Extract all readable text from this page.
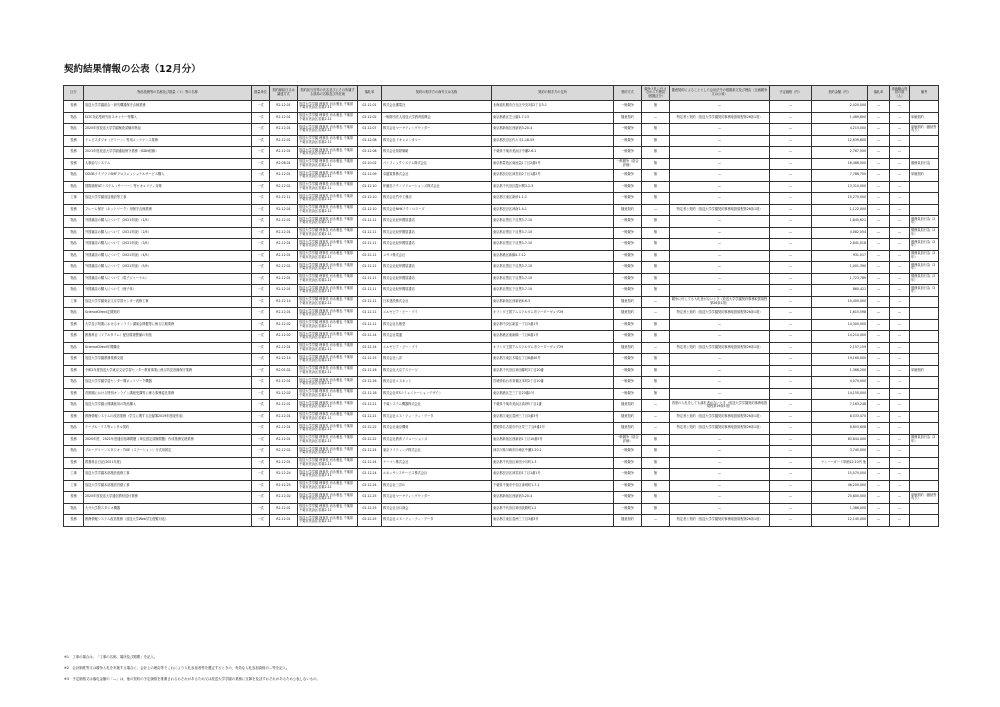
契約結果情報の公表（12月分）
区分	物品役務等の名称及び数量（１）等の名称	数量単位	契約締結日又は調達方式	契約担当官等の氏名並びにその所属する部局の名称及び所在地	落札率	契約の相手方の商号又は名称	契約の相手方の住所	契約方式	競争入札に付さなかった理由（根拠区分）	随意契約によることとした会計法令の根拠条文及び理由（企画競争又は公募）	予定価格（円）	契約金額（円）	落札率	再就職の役員の数（人）	備考
役務	放送大学学園総合・研究機器保守点検業務	一式	R2.12.01	放送大学学園 理事長 岩永雅也 千葉県千葉市美浜区若葉2-11	02.12.01	株式会社廣電社	北海道札幌市白石区中央3条2丁目3-1	一般競争	無	—	—	2,420,000	—	—	
物品	ELTC対応型研究用スキャナー等購入	一式	R2.12.01	放送大学学園 理事長 岩永雅也 千葉県千葉市美浜区若葉2-11	02.12.02	一般財団法人放送大学教育振興会	東京都港区芝公園1-7-13	随意契約	—	特定者と契約（放送大学学園契約事務取扱規程第26条1項）	—	1,489,800	—	—	単価契約
物品	2020年度放送大学学園検査試験用物品	一式	R2.12.01	放送大学学園 理事長 岩永雅也 千葉県千葉市美浜区若葉2-11	02.12.07	株式会社マーケティングセンター	東京都新宿区西新宿3-20-4	一般競争	無	—	—	4,215,000	—	—	単価契約（継続等有り）
役務	テレビスタジオ（グリーン）等用メンテナンス業務	一式	R2.12.01	放送大学学園 理事長 岩永雅也 千葉県千葉市美浜区若葉2-11	02.12.08	株式会社ドキュメンタリー	東京都渋谷区代々木1-18-53	一般競争	無	—	—	12,639,600	—	—	
役務	2021年度放送大学学園番組保守業務（ISDN回線）	一式	R2.12.01	放送大学学園 理事長 岩永雅也 千葉県千葉市美浜区若葉2-11	02.12.08	株式会社知財戦略	千葉県千葉市美浜区中瀬2-6-1	一般競争	無	—	—	2,767,500	—	—	
役務	人事給与システム	一式	R2.08.01	放送大学学園 理事長 岩永雅也 千葉県千葉市美浜区若葉2-11	02.10.02	パシフィックシステム株式会社	東京都豊島区南池袋1丁目2番5号	一般競争（総合評価）	無	—	—	16,486,000	—	—	債務負担行為
物品	ODGBライブラリSMFプロフェッショナルサービス購入	一式	R2.12.01	放送大学学園 理事長 岩永雅也 千葉県千葉市美浜区若葉2-11	02.12.09	卓越電算株式会社	東京都渋谷区神宮前2丁目1番2号	一般競争	無	—	—	7,788,750	—	—	単価契約
物品	国際経理ILTシステム（サーバー）等セキュリティ対策	一式	R2.12.01	放送大学学園 理事長 岩永雅也 千葉県千葉市美浜区若葉2-11	02.12.10	伊藤忠テクノソリューションズ株式会社	東京都千代田区霞が関3-2-5	一般競争	無	—	—	13,310,000	—	—	
工事	放送大学学園放送施設等工事	一式	R2.12.11	放送大学学園 理事長 岩永雅也 千葉県千葉市美浜区若葉2-11	02.12.10	株式会社竹中工務店	東京都江東区新砂1-1-1	一般競争	無	—	—	15,275,000	—	—	
役務	フレーム保守（ネットワーク）用保守点検業務	一式	R2.12.01	放送大学学園 理事長 岩永雅也 千葉県千葉市美浜区若葉2-11	02.12.10	株式会社NHKテクノロジーズ	東京都渋谷区神南1-4-1	随意契約	—	特定者と契約（放送大学学園契約事務取扱規程第26条1項）	—	1,122,000	—	—	
物品	外国雑誌の購入について（2021年版）（1/5）	一式	R2.12.01	放送大学学園 理事長 岩永雅也 千葉県千葉市美浜区若葉2-11	02.12.11	株式会社紀伊國屋書店	東京都目黒区下目黒3-7-10	一般競争	無	—	—	1,845,621	—	—	債務負担行為（2年）
物品	外国雑誌の購入について（2021年版）（2/5）	一式	R2.12.01	放送大学学園 理事長 岩永雅也 千葉県千葉市美浜区若葉2-11	02.12.11	株式会社紀伊國屋書店	東京都目黒区下目黒3-7-10	一般競争	無	—	—	4,082,054	—	—	債務負担行為（2年）
物品	外国雑誌の購入について（2021年版）（3/5）	一式	R2.12.01	放送大学学園 理事長 岩永雅也 千葉県千葉市美浜区若葉2-11	02.12.11	株式会社紀伊國屋書店	東京都目黒区下目黒3-7-10	一般競争	無	—	—	2,841,018	—	—	債務負担行為（2年）
物品	外国雑誌の購入について（2021年版）（4/5）	一式	R2.12.01	放送大学学園 理事長 岩永雅也 千葉県千葉市美浜区若葉2-11	02.12.11	ユサコ株式会社	東京都港区新橋4-7-12	一般競争	無	—	—	931,017	—	—	債務負担行為（2年）
物品	外国雑誌の購入について（2021年版）（5/5）	一式	R2.12.01	放送大学学園 理事長 岩永雅也 千葉県千葉市美浜区若葉2-11	02.12.11	株式会社紀伊國屋書店	東京都目黒区下目黒3-7-10	一般競争	無	—	—	1,001,390	—	—	債務負担行為（2年）
物品	外国雑誌の購入について（電子ジャーナル）	一式	R2.12.01	放送大学学園 理事長 岩永雅也 千葉県千葉市美浜区若葉2-11	02.12.11	株式会社紀伊國屋書店	東京都目黒区下目黒3-7-10	一般競争	無	—	—	1,723,789	—	—	債務負担行為（2年）
物品	外国雑誌の購入について（冊子体）	一式	R2.12.01	放送大学学園 理事長 岩永雅也 千葉県千葉市美浜区若葉2-11	02.12.11	株式会社紀伊國屋書店	東京都目黒区下目黒3-7-10	一般競争	無	—	—	860,421	—	—	債務負担行為（2年）
工事	放送大学学園東京文京学習センター改修工事	一式	R2.12.14	放送大学学園 理事長 岩永雅也 千葉県千葉市美浜区若葉2-11	02.12.11	日本建設株式会社	東京都新宿区西新宿6-6-3	随意契約	—	競争に付しても入札者がないとき（放送大学学園契約事務取扱規程第26条1項）	—	15,400,000	—	—	
物品	ScienceDirect定期契約	一式	R2.12.01	放送大学学園 理事長 岩永雅也 千葉県千葉市美浜区若葉2-11	02.12.11	エルゼビア・ビー・ブイ	オランダ王国アムステルダム市ラーダーヴェグ29	随意契約	—	特定者と契約（放送大学学園契約事務取扱規程第26条1項）	—	1,615,598	—	—	
役務	大学及び短期におけるオンライン講演会開催等に係る広報業務	一式	R2.12.02	放送大学学園 理事長 岩永雅也 千葉県千葉市美浜区若葉2-11	02.12.11	株式会社弘報堂	東京都中央区新富一丁目3番1号	一般競争	無	—	—	14,300,000	—	—	
役務	教養科目（リアルタイム）配信環境整備の実施	一式	R2.12.02	放送大学学園 理事長 岩永雅也 千葉県千葉市美浜区若葉2-11	02.12.14	株式会社電通	東京都港区東新橋一丁目8番1号	一般競争	無	—	—	14,210,000	—	—	
物品	ScienceDirect年間購読	一式	R2.12.01	放送大学学園 理事長 岩永雅也 千葉県千葉市美浜区若葉2-11	02.12.14	エルゼビア・ビー・ブイ	オランダ王国アムステルダム市ラーダーヴェグ29	随意契約	—	特定者と契約（放送大学学園契約事務取扱規程第26条1項）	—	2,157,159	—	—	
役務	放送大学学園教務業務支援	一式	R2.12.14	放送大学学園 理事長 岩永雅也 千葉県千葉市美浜区若葉2-11	02.12.15	株式会社八洋	東京都江東区木場五丁目8番40号	一般競争	無	—	—	19,160,000	—	—	
役務	令和2年度放送大学東京文京学習センター教育事業に係る防災設備保守業務	一式	R2.01.01	放送大学学園 理事長 岩永雅也 千葉県千葉市美浜区若葉2-11	02.12.16	株式会社大京アステージ	東京都千代田区神田錦町3丁目20番	一般競争	無	—	—	1,366,200	—	—	単価契約
物品	放送大学学園学習センター間ネットワーク機器	一式	R2.12.01	放送大学学園 理事長 岩永雅也 千葉県千葉市美浜区若葉2-11	02.12.16	株式会社エヌネット	宮城県仙台市青葉区本町2丁目20番	一般競争	無	—	—	4,070,000	—	—	
役務	首都圏における特別オンライン講座受講等に係る事務委託業務	一式	R2.12.02	放送大学学園 理事長 岩永雅也 千葉県千葉市美浜区若葉2-11	02.12.18	株式会社ITSコミュニケーションデザイン	東京都港区芝三丁目23番1号	一般競争	無	—	—	14,155,000	—	—	
物品	放送大学学園公開講座用の物品購入	一式	R2.12.01	放送大学学園 理事長 岩永雅也 千葉県千葉市美浜区若葉2-11	02.12.21	千葉システム機器株式会社	千葉県千葉市美浜区真砂5丁目1番	随意契約	—	再度の入札をしても落札者がないとき（放送大学学園契約事務取扱規程第26条1項）	—	7,163,248	—	—	
役務	教務情報システムの改造業務（学生に関する記録簿2019年度版作成）	一式	R2.12.01	放送大学学園 理事長 岩永雅也 千葉県千葉市美浜区若葉2-11	02.12.21	株式会社エヌ・ティ・ティ・データ	東京都江東区豊洲三丁目3番3号	随意契約	—	特定者と契約（放送大学学園契約事務取扱規程第26条1項）	—	8,533,470	—	—	
物品	テーブル・イス等レンタル契約	一式	R2.12.01	放送大学学園 理事長 岩永雅也 千葉県千葉市美浜区若葉2-11	02.12.22	株式会社東京機材	愛知県名古屋市中区栄三丁目6番1号	随意契約	—	特定者と契約（放送大学学園契約事務取扱規程第26条1項）	—	8,603,608	—	—	
役務	2020年度、2021年度通信指導問題（単位認定試験問題）作成業務支援業務	一式	R2.12.01	放送大学学園 理事長 岩永雅也 千葉県千葉市美浜区若葉2-11	02.12.22	株式会社教育ソリューションズ	東京都新宿区西新宿1丁目10番5号	一般競争（総合評価）	無	—	—	83,844,000	—	—	債務負担行為（2年）
物品	ブルーグリーンスタジオ・TVIE（ステーション）分式用固定	一式	R2.12.01	放送大学学園 理事長 岩永雅也 千葉県千葉市美浜区若葉2-11	02.12.24	東京ライティング株式会社	神奈川県川崎市川崎区中瀬3-20-1	一般競争	無	—	—	3,740,000	—	—	
役務	教養科目日記(2021年度)	一式	R2.12.01	放送大学学園 理事長 岩永雅也 千葉県千葉市美浜区若葉2-11	02.12.24	ナーマン株式会社	東京都千代田区神田小川町1-3	一般競争	無	—	—	ナンバーガード単価12.10円 他	—	—	
工事	放送大学学園本部施設改修工事	一式	R2.12.24	放送大学学園 理事長 岩永雅也 千葉県千葉市美浜区若葉2-11	02.12.24	ルネッサンスサービス株式会社	東京都渋谷区神宮前1丁目1番1号	一般競争	無	—	—	15,070,000	—	—	
工事	放送大学学園本部施設営繕工事	一式	R2.12.25	放送大学学園 理事長 岩永雅也 千葉県千葉市美浜区若葉2-11	02.12.24	株式会社三井G	千葉県千葉市中央区神明町1-7-1	一般競争	無	—	—	46,200,000	—	—	
役務	2020年度放送大学通信教材送付業務	一式	R2.12.02	放送大学学園 理事長 岩永雅也 千葉県千葉市美浜区若葉2-11	02.12.25	株式会社マーケティングセンター	東京都新宿区西新宿3-20-4	一般競争	無	—	—	25,800,000	—	—	単価契約（継続等有り）
物品	大分大学院スタジオ機器	一式	R2.12.01	放送大学学園 理事長 岩永雅也 千葉県千葉市美浜区若葉2-11	02.12.25	株式会社谷口商会	東京都千代田区神田淡路町1-2	一般競争	無	—	—	1,386,000	—	—	
役務	教務情報システム改造業務（放送大学Web学生便覧対応）	一式	R2.12.01	放送大学学園 理事長 岩永雅也 千葉県千葉市美浜区若葉2-11	02.12.25	株式会社エヌ・ティ・ティ・データ	東京都江東区豊洲三丁目3番3号	随意契約	—	特定者と契約（放送大学学園契約事務取扱規程第26条1項）	—	12,145,000	—	—	
※1　工事の場合は、「工事の名称、場所及び期間」を記入。
※2　会計制度等又は競争入札を実施する場合に、会計上の理由等でこれにより入札参加者等を選定するときの、有効な入札参加資格の…等を記入。
※3　予定価格又は落札金額の「―」は、他の契約の予定価格を推測されるおそれがあるため又は放送大学学園の業務に支障を及ぼすおそれがあるため公表しないもの。
